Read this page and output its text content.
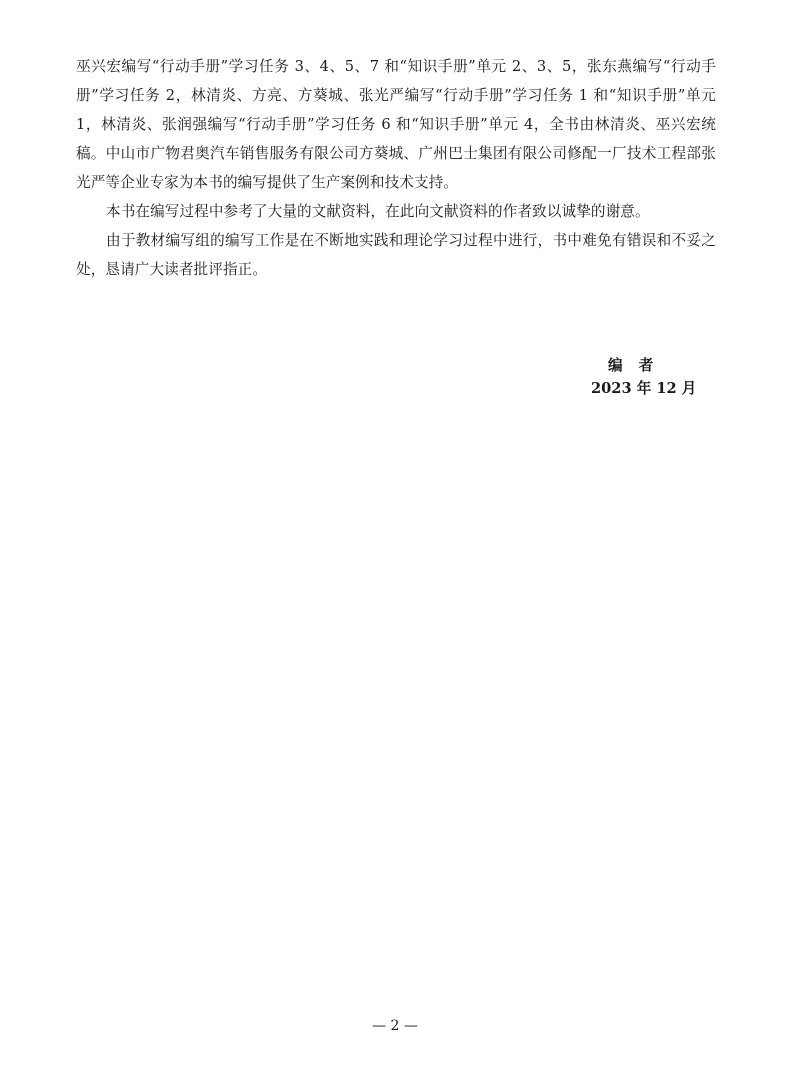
巫兴宏编写“行动手册”学习任务 3、4、5、7 和“知识手册”单元 2、3、5，张东燕编写“行动手册”学习任务 2，林清炎、方亮、方葵城、张光严编写“行动手册”学习任务 1 和“知识手册”单元 1，林清炎、张润强编写“行动手册”学习任务 6 和“知识手册”单元 4，全书由林清炎、巫兴宏统稿。中山市广物君奥汽车销售服务有限公司方葵城、广州巴士集团有限公司修配一厂技术工程部张光严等企业专家为本书的编写提供了生产案例和技术支持。

本书在编写过程中参考了大量的文献资料，在此向文献资料的作者致以诚挚的谢意。

由于教材编写组的编写工作是在不断地实践和理论学习过程中进行，书中难免有错误和不妥之处，恳请广大读者批评指正。

编者
2023 年 12 月
— 2 —
